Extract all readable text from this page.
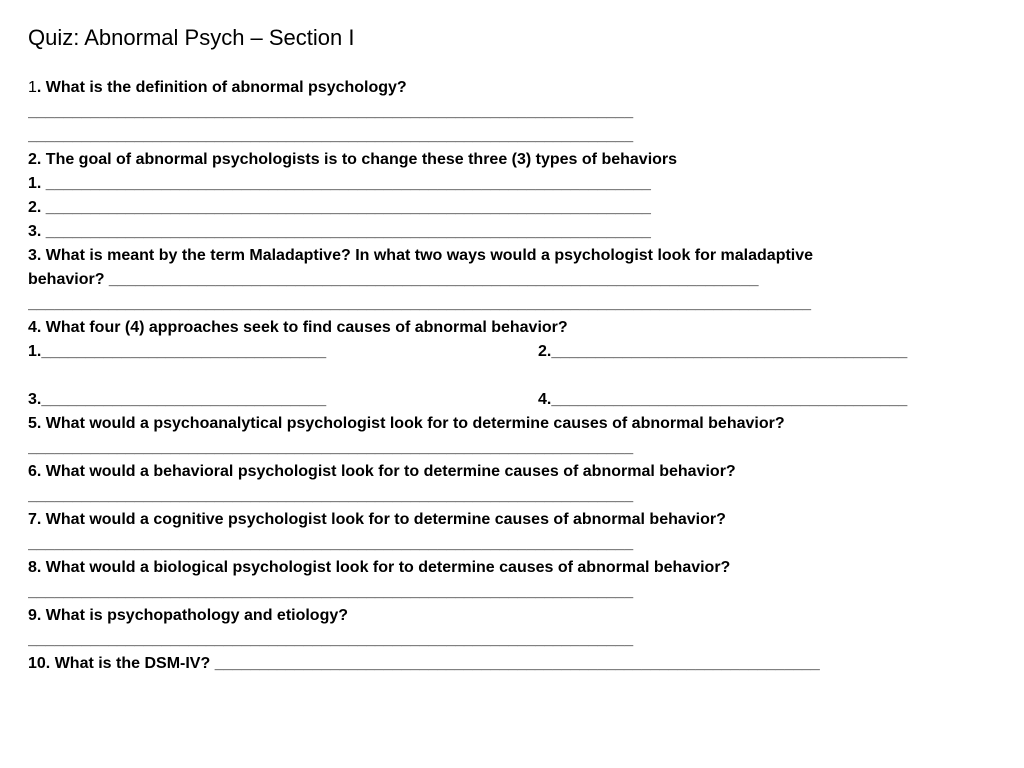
Quiz: Abnormal Psych – Section I
1. What is the definition of abnormal psychology?
____________________________________________________________________
____________________________________________________________________
2. The goal of abnormal psychologists is to change these three (3) types of behaviors
1. ____________________________________________________________________
2. ____________________________________________________________________
3. ____________________________________________________________________
3. What is meant by the term Maladaptive? In what two ways would a psychologist look for maladaptive
behavior? _________________________________________________________________________
________________________________________________________________________________________
4. What four (4) approaches seek to find causes of abnormal behavior?
1.________________________________	2.________________________________________
3.________________________________	4.________________________________________
5. What would a psychoanalytical psychologist look for to determine causes of abnormal behavior?
____________________________________________________________________
6. What would a behavioral psychologist look for to determine causes of abnormal behavior?
____________________________________________________________________
7. What would a cognitive psychologist look for to determine causes of abnormal behavior?
____________________________________________________________________
8. What would a biological psychologist look for to determine causes of abnormal behavior?
____________________________________________________________________
9. What is psychopathology and etiology?
____________________________________________________________________
10. What is the DSM-IV? ____________________________________________________________________
